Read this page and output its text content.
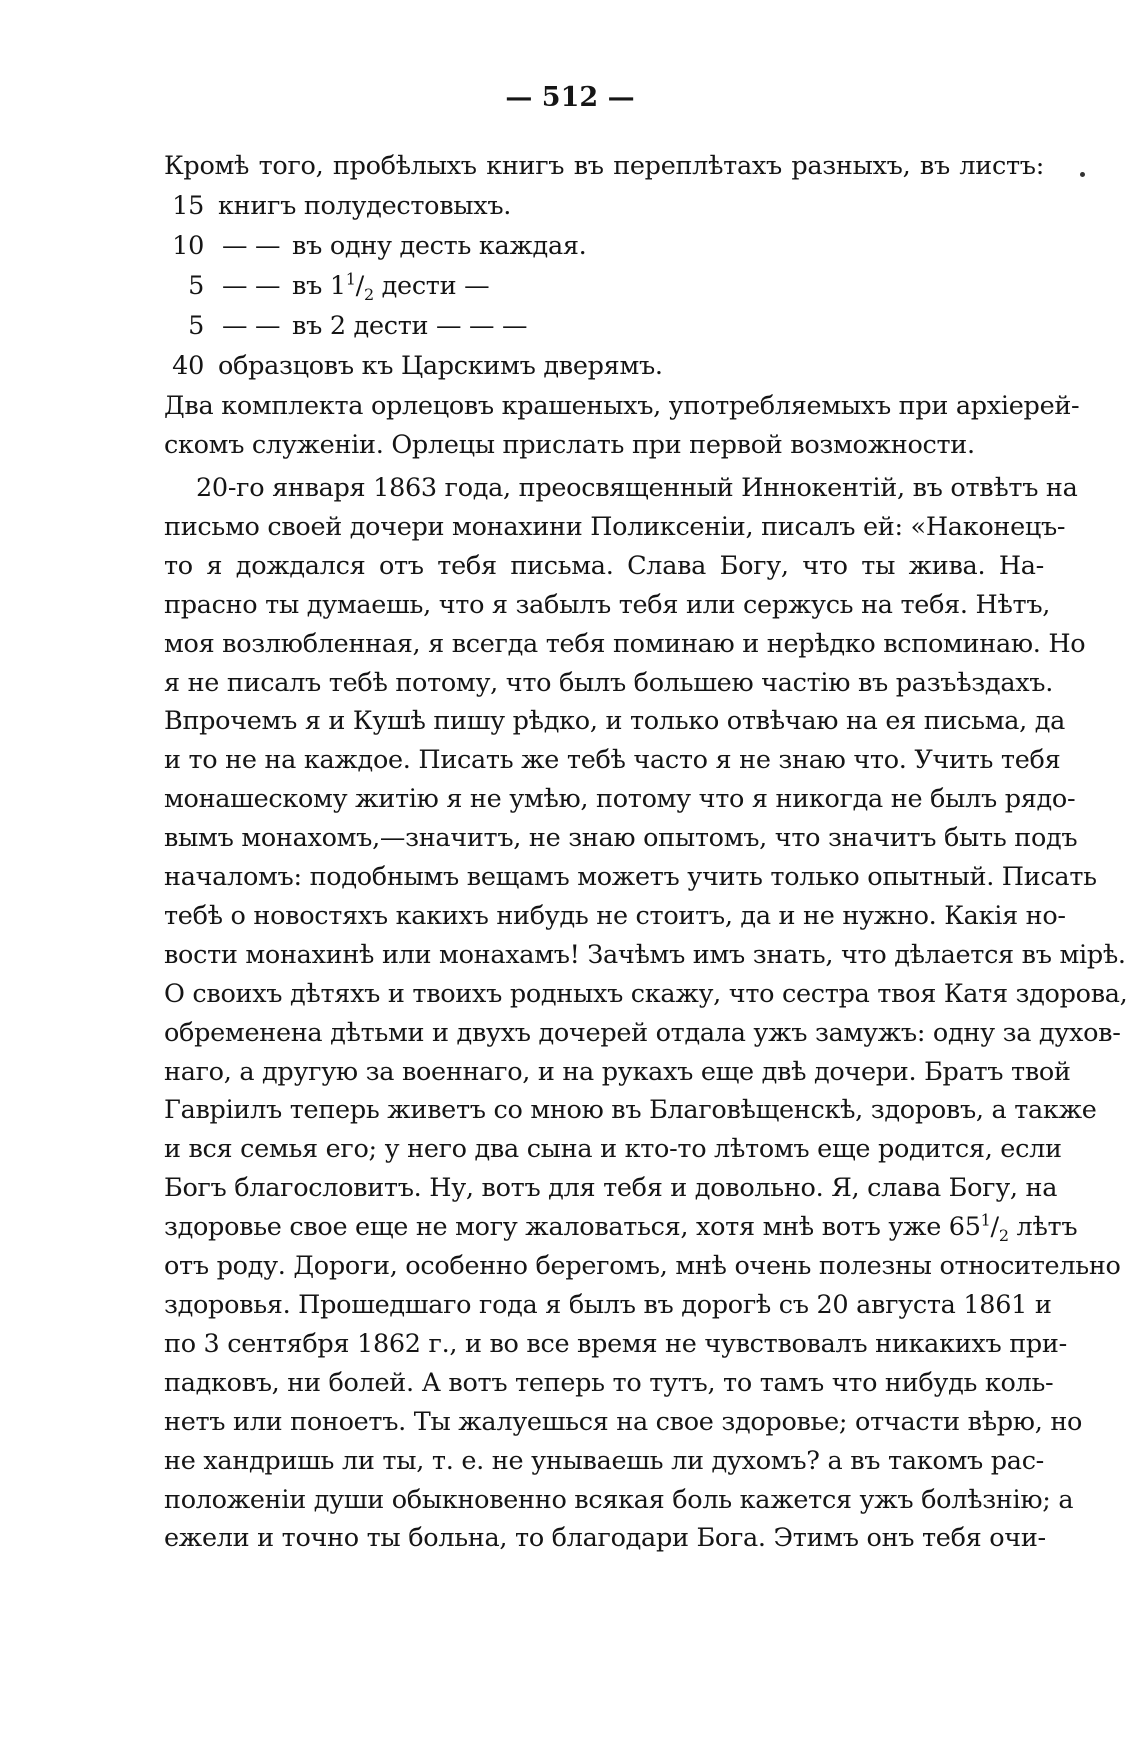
— 512 —
Кромѣ того, пробѣлыхъ книгъ въ переплѣтахъ разныхъ, въ листъ:
15 книгъ полудестовыхъ.
10 — — въ одну десть каждая.
5 — — въ $1^1/_2$ дести —
5 — — въ 2 дести — — —
40 образцовъ къ Царскимъ дверямъ.
Два комплекта орлецовъ крашеныхъ, употребляемыхъ при архіерей-
скомъ служеніи. Орлецы прислать при первой возможности.
20-го января 1863 года, преосвященный Иннокентій, въ отвѣтъ на
здоровье свое еще не могу жаловаться, хотя мнѣ вотъ уже $65^1/_2$ лѣтъ
письмо своей дочери монахини Поликсеніи, писалъ ей: «Наконецъ-
то я дождался отъ тебя письма. Слава Богу, что ты жива. На-
прасно ты думаешь, что я забылъ тебя или сержусь на тебя. Нѣтъ,
моя возлюбленная, я всегда тебя поминаю и нерѣдко вспоминаю. Но
я не писалъ тебѣ потому, что былъ большею частію въ разъѣздахъ.
Впрочемъ я и Кушѣ пишу рѣдко, и только отвѣчаю на ея письма, да
и то не на каждое. Писать же тебѣ часто я не знаю что. Учить тебя
монашескому житію я не умѣю, потому что я никогда не былъ рядо-
вымъ монахомъ,—значитъ, не знаю опытомъ, что значитъ быть подъ
началомъ: подобнымъ вещамъ можетъ учить только опытный. Писать
тебѣ о новостяхъ какихъ нибудь не стоитъ, да и не нужно. Какія но-
вости монахинѣ или монахамъ! Зачѣмъ имъ знать, что дѣлается въ мірѣ.
О своихъ дѣтяхъ и твоихъ родныхъ скажу, что сестра твоя Катя здорова,
обременена дѣтьми и двухъ дочерей отдала ужъ замужъ: одну за духов-
наго, а другую за военнаго, и на рукахъ еще двѣ дочери. Братъ твой
Гавріилъ теперь живетъ со мною въ Благовѣщенскѣ, здоровъ, а также
и вся семья его; у него два сына и кто-то лѣтомъ еще родится, если
Богъ благословитъ. Ну, вотъ для тебя и довольно. Я, слава Богу, на
отъ роду. Дороги, особенно берегомъ, мнѣ очень полезны относительно
здоровья. Прошедшаго года я былъ въ дорогѣ съ 20 августа 1861 и
по 3 сентября 1862 г., и во все время не чувствовалъ никакихъ при-
падковъ, ни болей. А вотъ теперь то тутъ, то тамъ что нибудь коль-
нетъ или поноетъ. Ты жалуешься на свое здоровье; отчасти вѣрю, но
не хандришь ли ты, т. е. не унываешь ли духомъ? а въ такомъ рас-
положеніи души обыкновенно всякая боль кажется ужъ болѣзнію; а
ежели и точно ты больна, то благодари Бога. Этимъ онъ тебя очи-
